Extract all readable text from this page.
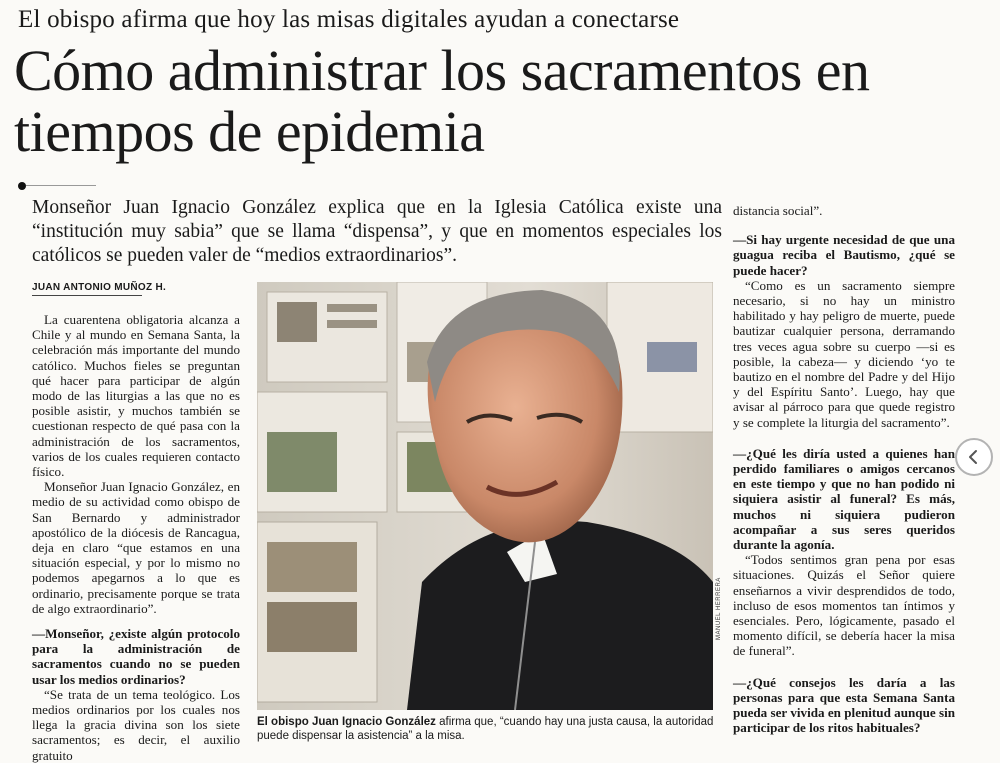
El obispo afirma que hoy las misas digitales ayudan a conectarse
Cómo administrar los sacramentos en tiempos de epidemia
Monseñor Juan Ignacio González explica que en la Iglesia Católica existe una “institución muy sabia” que se llama “dispensa”, y que en momentos especiales los católicos se pueden valer de “medios extraordinarios”.
JUAN ANTONIO MUÑOZ H.

La cuarentena obligatoria alcanza a Chile y al mundo en Semana Santa, la celebración más importante del mundo católico. Muchos fieles se preguntan qué hacer para participar de algún modo de las liturgias a las que no es posible asistir, y muchos también se cuestionan respecto de qué pasa con la administración de los sacramentos, varios de los cuales requieren contacto físico.

Monseñor Juan Ignacio González, en medio de su actividad como obispo de San Bernardo y administrador apostólico de la diócesis de Rancagua, deja en claro “que estamos en una situación especial, y por lo mismo no podemos apegarnos a lo que es ordinario, precisamente porque se trata de algo extraordinario”.

—Monseñor, ¿existe algún protocolo para la administración de sacramentos cuando no se pueden usar los medios ordinarios?

“Se trata de un tema teológico. Los medios ordinarios por los cuales nos llega la gracia divina son los siete sacramentos; es decir, el auxilio gratuito

MANUEL HERRERA
El obispo Juan Ignacio González afirma que, “cuando hay una justa causa, la autoridad puede dispensar la asistencia” a la misa.

distancia social”.

—Si hay urgente necesidad de que una guagua reciba el Bautismo, ¿qué se puede hacer?

“Como es un sacramento siempre necesario, si no hay un ministro habilitado y hay peligro de muerte, puede bautizar cualquier persona, derramando tres veces agua sobre su cuerpo —si es posible, la cabeza— y diciendo ‘yo te bautizo en el nombre del Padre y del Hijo y del Espíritu Santo’. Luego, hay que avisar al párroco para que quede registro y se complete la liturgia del sacramento”.

—¿Qué les diría usted a quienes han perdido familiares o amigos cercanos en este tiempo y que no han podido ni siquiera asistir al funeral? Es más, muchos ni siquiera pudieron acompañar a sus seres queridos durante la agonía.

“Todos sentimos gran pena por esas situaciones. Quizás el Señor quiere enseñarnos a vivir desprendidos de todo, incluso de esos momentos tan íntimos y esenciales. Pero, lógicamente, pasado el momento difícil, se debería hacer la misa de funeral”.

—¿Qué consejos les daría a las personas para que esta Semana Santa pueda ser vivida en plenitud aunque sin participar de los ritos habituales?
